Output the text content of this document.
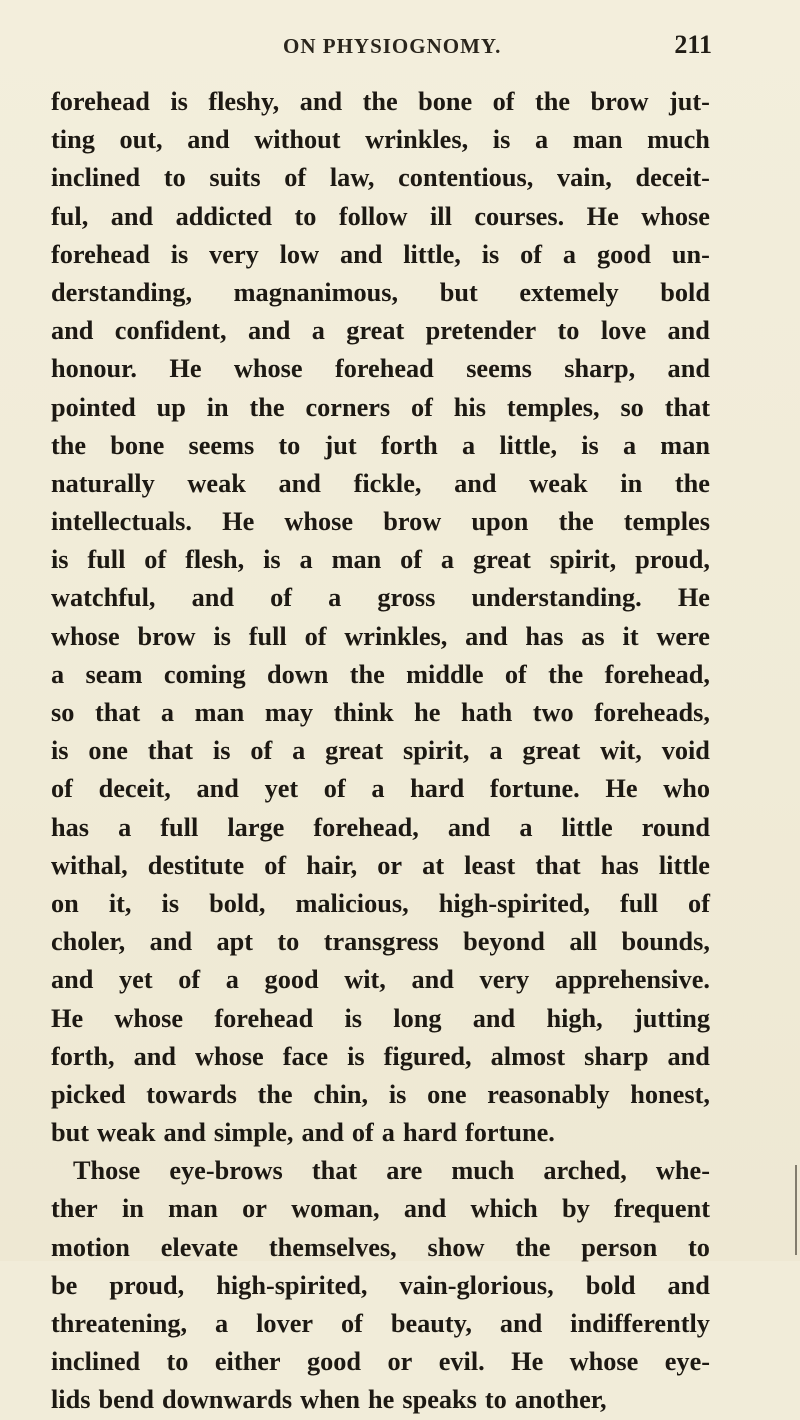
ON PHYSIOGNOMY.	211
forehead is fleshy, and the bone of the brow jut-
ting out, and without wrinkles, is a man much
inclined to suits of law, contentious, vain, deceit-
ful, and addicted to follow ill courses. He whose
forehead is very low and little, is of a good un-
derstanding, magnanimous, but extemely bold
and confident, and a great pretender to love and
honour. He whose forehead seems sharp, and
pointed up in the corners of his temples, so that
the bone seems to jut forth a little, is a man
naturally weak and fickle, and weak in the
intellectuals. He whose brow upon the temples
is full of flesh, is a man of a great spirit, proud,
watchful, and of a gross understanding. He
whose brow is full of wrinkles, and has as it were
a seam coming down the middle of the forehead,
so that a man may think he hath two foreheads,
is one that is of a great spirit, a great wit, void
of deceit, and yet of a hard fortune. He who
has a full large forehead, and a little round
withal, destitute of hair, or at least that has little
on it, is bold, malicious, high-spirited, full of
choler, and apt to transgress beyond all bounds,
and yet of a good wit, and very apprehensive.
He whose forehead is long and high, jutting
forth, and whose face is figured, almost sharp and
picked towards the chin, is one reasonably honest,
but weak and simple, and of a hard fortune.
Those eye-brows that are much arched, whe-
ther in man or woman, and which by frequent
motion elevate themselves, show the person to
be proud, high-spirited, vain-glorious, bold and
threatening, a lover of beauty, and indifferently
inclined to either good or evil. He whose eye-
lids bend downwards when he speaks to another,
